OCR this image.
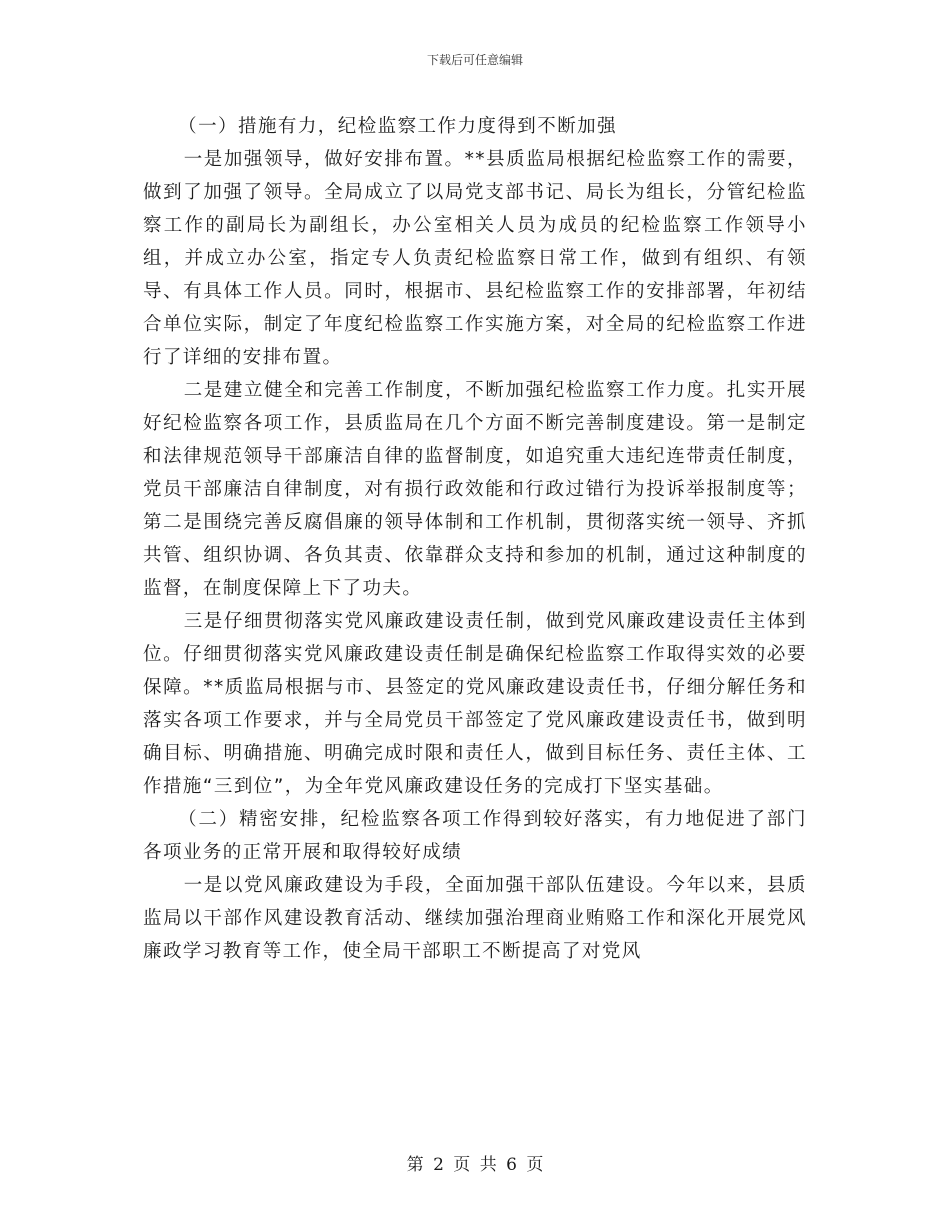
下载后可任意编辑

（一）措施有力，纪检监察工作力度得到不断加强

一是加强领导，做好安排布置。**县质监局根据纪检监察工作的需要，做到了加强了领导。全局成立了以局党支部书记、局长为组长，分管纪检监察工作的副局长为副组长，办公室相关人员为成员的纪检监察工作领导小组，并成立办公室，指定专人负责纪检监察日常工作，做到有组织、有领导、有具体工作人员。同时，根据市、县纪检监察工作的安排部署，年初结合单位实际，制定了年度纪检监察工作实施方案，对全局的纪检监察工作进行了详细的安排布置。

二是建立健全和完善工作制度，不断加强纪检监察工作力度。扎实开展好纪检监察各项工作，县质监局在几个方面不断完善制度建设。第一是制定和法律规范领导干部廉洁自律的监督制度，如追究重大违纪连带责任制度，党员干部廉洁自律制度，对有损行政效能和行政过错行为投诉举报制度等；第二是围绕完善反腐倡廉的领导体制和工作机制，贯彻落实统一领导、齐抓共管、组织协调、各负其责、依靠群众支持和参加的机制，通过这种制度的监督，在制度保障上下了功夫。

三是仔细贯彻落实党风廉政建设责任制，做到党风廉政建设责任主体到位。仔细贯彻落实党风廉政建设责任制是确保纪检监察工作取得实效的必要保障。**质监局根据与市、县签定的党风廉政建设责任书，仔细分解任务和落实各项工作要求，并与全局党员干部签定了党风廉政建设责任书，做到明确目标、明确措施、明确完成时限和责任人，做到目标任务、责任主体、工作措施“三到位”，为全年党风廉政建设任务的完成打下坚实基础。

（二）精密安排，纪检监察各项工作得到较好落实，有力地促进了部门各项业务的正常开展和取得较好成绩

一是以党风廉政建设为手段，全面加强干部队伍建设。今年以来，县质监局以干部作风建设教育活动、继续加强治理商业贿赂工作和深化开展党风廉政学习教育等工作，使全局干部职工不断提高了对党风

第 2 页 共 6 页
